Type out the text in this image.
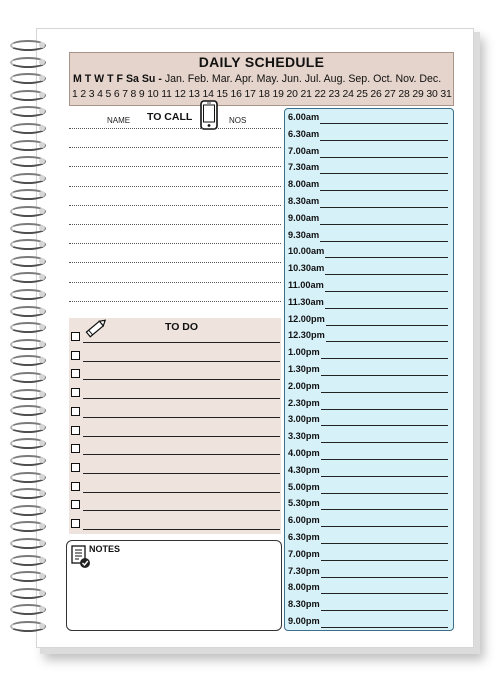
DAILY SCHEDULE
M T W T F Sa Su - Jan. Feb. Mar. Apr. May. Jun. Jul. Aug. Sep. Oct. Nov. Dec.
1 2 3 4 5 6 7 8 9 10 11 12 13 14 15 16 17 18 19 20 21 22 23 24 25 26 27 28 29 30 31
NAME TO CALL	NOS
TO DO
NOTES
6.00am
6.30am
7.00am
7.30am
8.00am
8.30am
9.00am
9.30am
10.00am
10.30am
11.00am
11.30am
12.00pm
12.30pm
1.00pm
1.30pm
2.00pm
2.30pm
3.00pm
3.30pm
4.00pm
4.30pm
5.00pm
5.30pm
6.00pm
6.30pm
7.00pm
7.30pm
8.00pm
8.30pm
9.00pm
